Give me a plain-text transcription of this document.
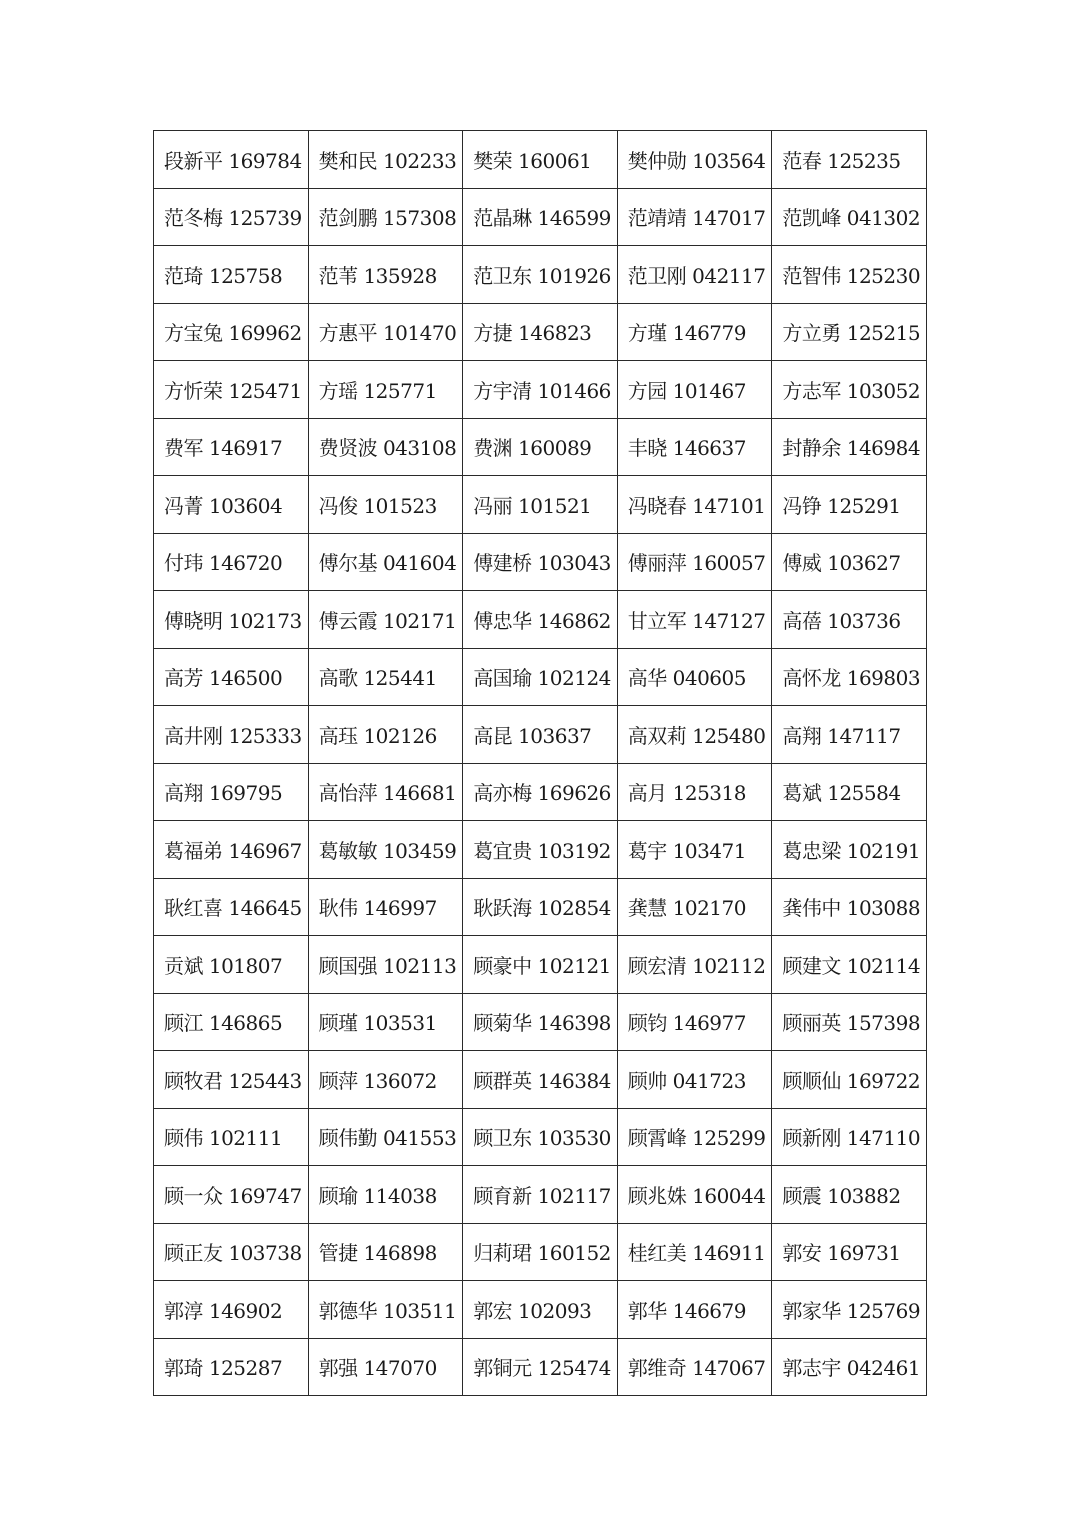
段新平 169784	樊和民 102233	樊荣 160061	樊仲勋 103564	范春 125235
范冬梅 125739	范剑鹏 157308	范晶琳 146599	范靖靖 147017	范凯峰 041302
范琦 125758	范苇 135928	范卫东 101926	范卫刚 042117	范智伟 125230
方宝兔 169962	方惠平 101470	方捷 146823	方瑾 146779	方立勇 125215
方忻荣 125471	方瑶 125771	方宇清 101466	方园 101467	方志军 103052
费军 146917	费贤波 043108	费渊 160089	丰晓 146637	封静余 146984
冯菁 103604	冯俊 101523	冯丽 101521	冯晓春 147101	冯铮 125291
付玮 146720	傅尔基 041604	傅建桥 103043	傅丽萍 160057	傅威 103627
傅晓明 102173	傅云霞 102171	傅忠华 146862	甘立军 147127	高蓓 103736
高芳 146500	高歌 125441	高国瑜 102124	高华 040605	高怀龙 169803
高井刚 125333	高珏 102126	高昆 103637	高双莉 125480	高翔 147117
高翔 169795	高怡萍 146681	高亦梅 169626	高月 125318	葛斌 125584
葛福弟 146967	葛敏敏 103459	葛宜贵 103192	葛宇 103471	葛忠梁 102191
耿红喜 146645	耿伟 146997	耿跃海 102854	龚慧 102170	龚伟中 103088
贡斌 101807	顾国强 102113	顾豪中 102121	顾宏清 102112	顾建文 102114
顾江 146865	顾瑾 103531	顾菊华 146398	顾钧 146977	顾丽英 157398
顾牧君 125443	顾萍 136072	顾群英 146384	顾帅 041723	顾顺仙 169722
顾伟 102111	顾伟勤 041553	顾卫东 103530	顾霄峰 125299	顾新刚 147110
顾一众 169747	顾瑜 114038	顾育新 102117	顾兆姝 160044	顾震 103882
顾正友 103738	管捷 146898	归莉珺 160152	桂红美 146911	郭安 169731
郭淳 146902	郭德华 103511	郭宏 102093	郭华 146679	郭家华 125769
郭琦 125287	郭强 147070	郭铜元 125474	郭维奇 147067	郭志宇 042461
